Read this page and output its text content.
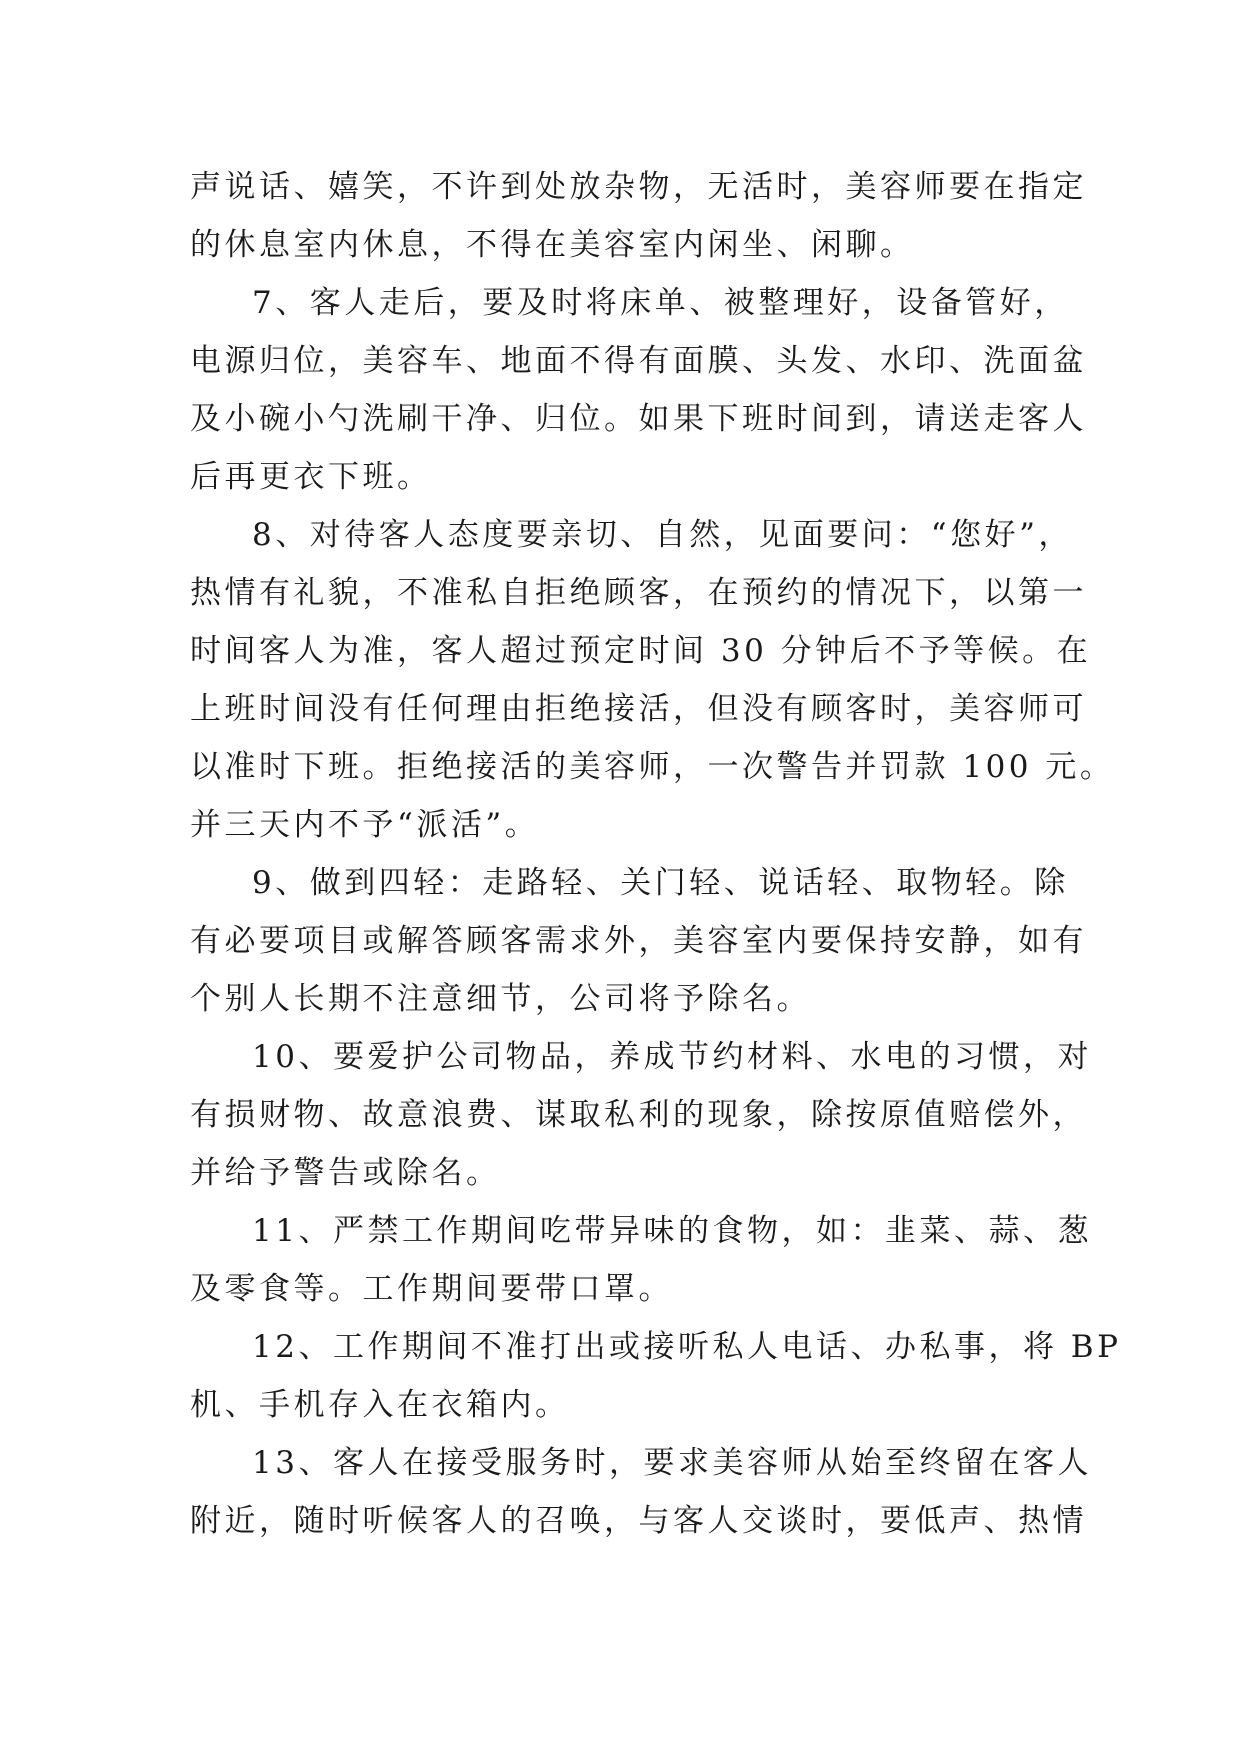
声说话、嬉笑，不许到处放杂物，无活时，美容师要在指定
的休息室内休息，不得在美容室内闲坐、闲聊。
7、客人走后，要及时将床单、被整理好，设备管好，
电源归位，美容车、地面不得有面膜、头发、水印、洗面盆
及小碗小勺洗刷干净、归位。如果下班时间到，请送走客人
后再更衣下班。
8、对待客人态度要亲切、自然，见面要问：“您好”，
热情有礼貌，不准私自拒绝顾客，在预约的情况下，以第一
时间客人为准，客人超过预定时间 30 分钟后不予等候。在
上班时间没有任何理由拒绝接活，但没有顾客时，美容师可
以准时下班。拒绝接活的美容师，一次警告并罚款 100 元。
并三天内不予“派活”。
9、做到四轻：走路轻、关门轻、说话轻、取物轻。除
有必要项目或解答顾客需求外，美容室内要保持安静，如有
个别人长期不注意细节，公司将予除名。
10、要爱护公司物品，养成节约材料、水电的习惯，对
有损财物、故意浪费、谋取私利的现象，除按原值赔偿外，
并给予警告或除名。
11、严禁工作期间吃带异味的食物，如：韭菜、蒜、葱
及零食等。工作期间要带口罩。
12、工作期间不准打出或接听私人电话、办私事，将 BP
机、手机存入在衣箱内。
13、客人在接受服务时，要求美容师从始至终留在客人
附近，随时听候客人的召唤，与客人交谈时，要低声、热情
